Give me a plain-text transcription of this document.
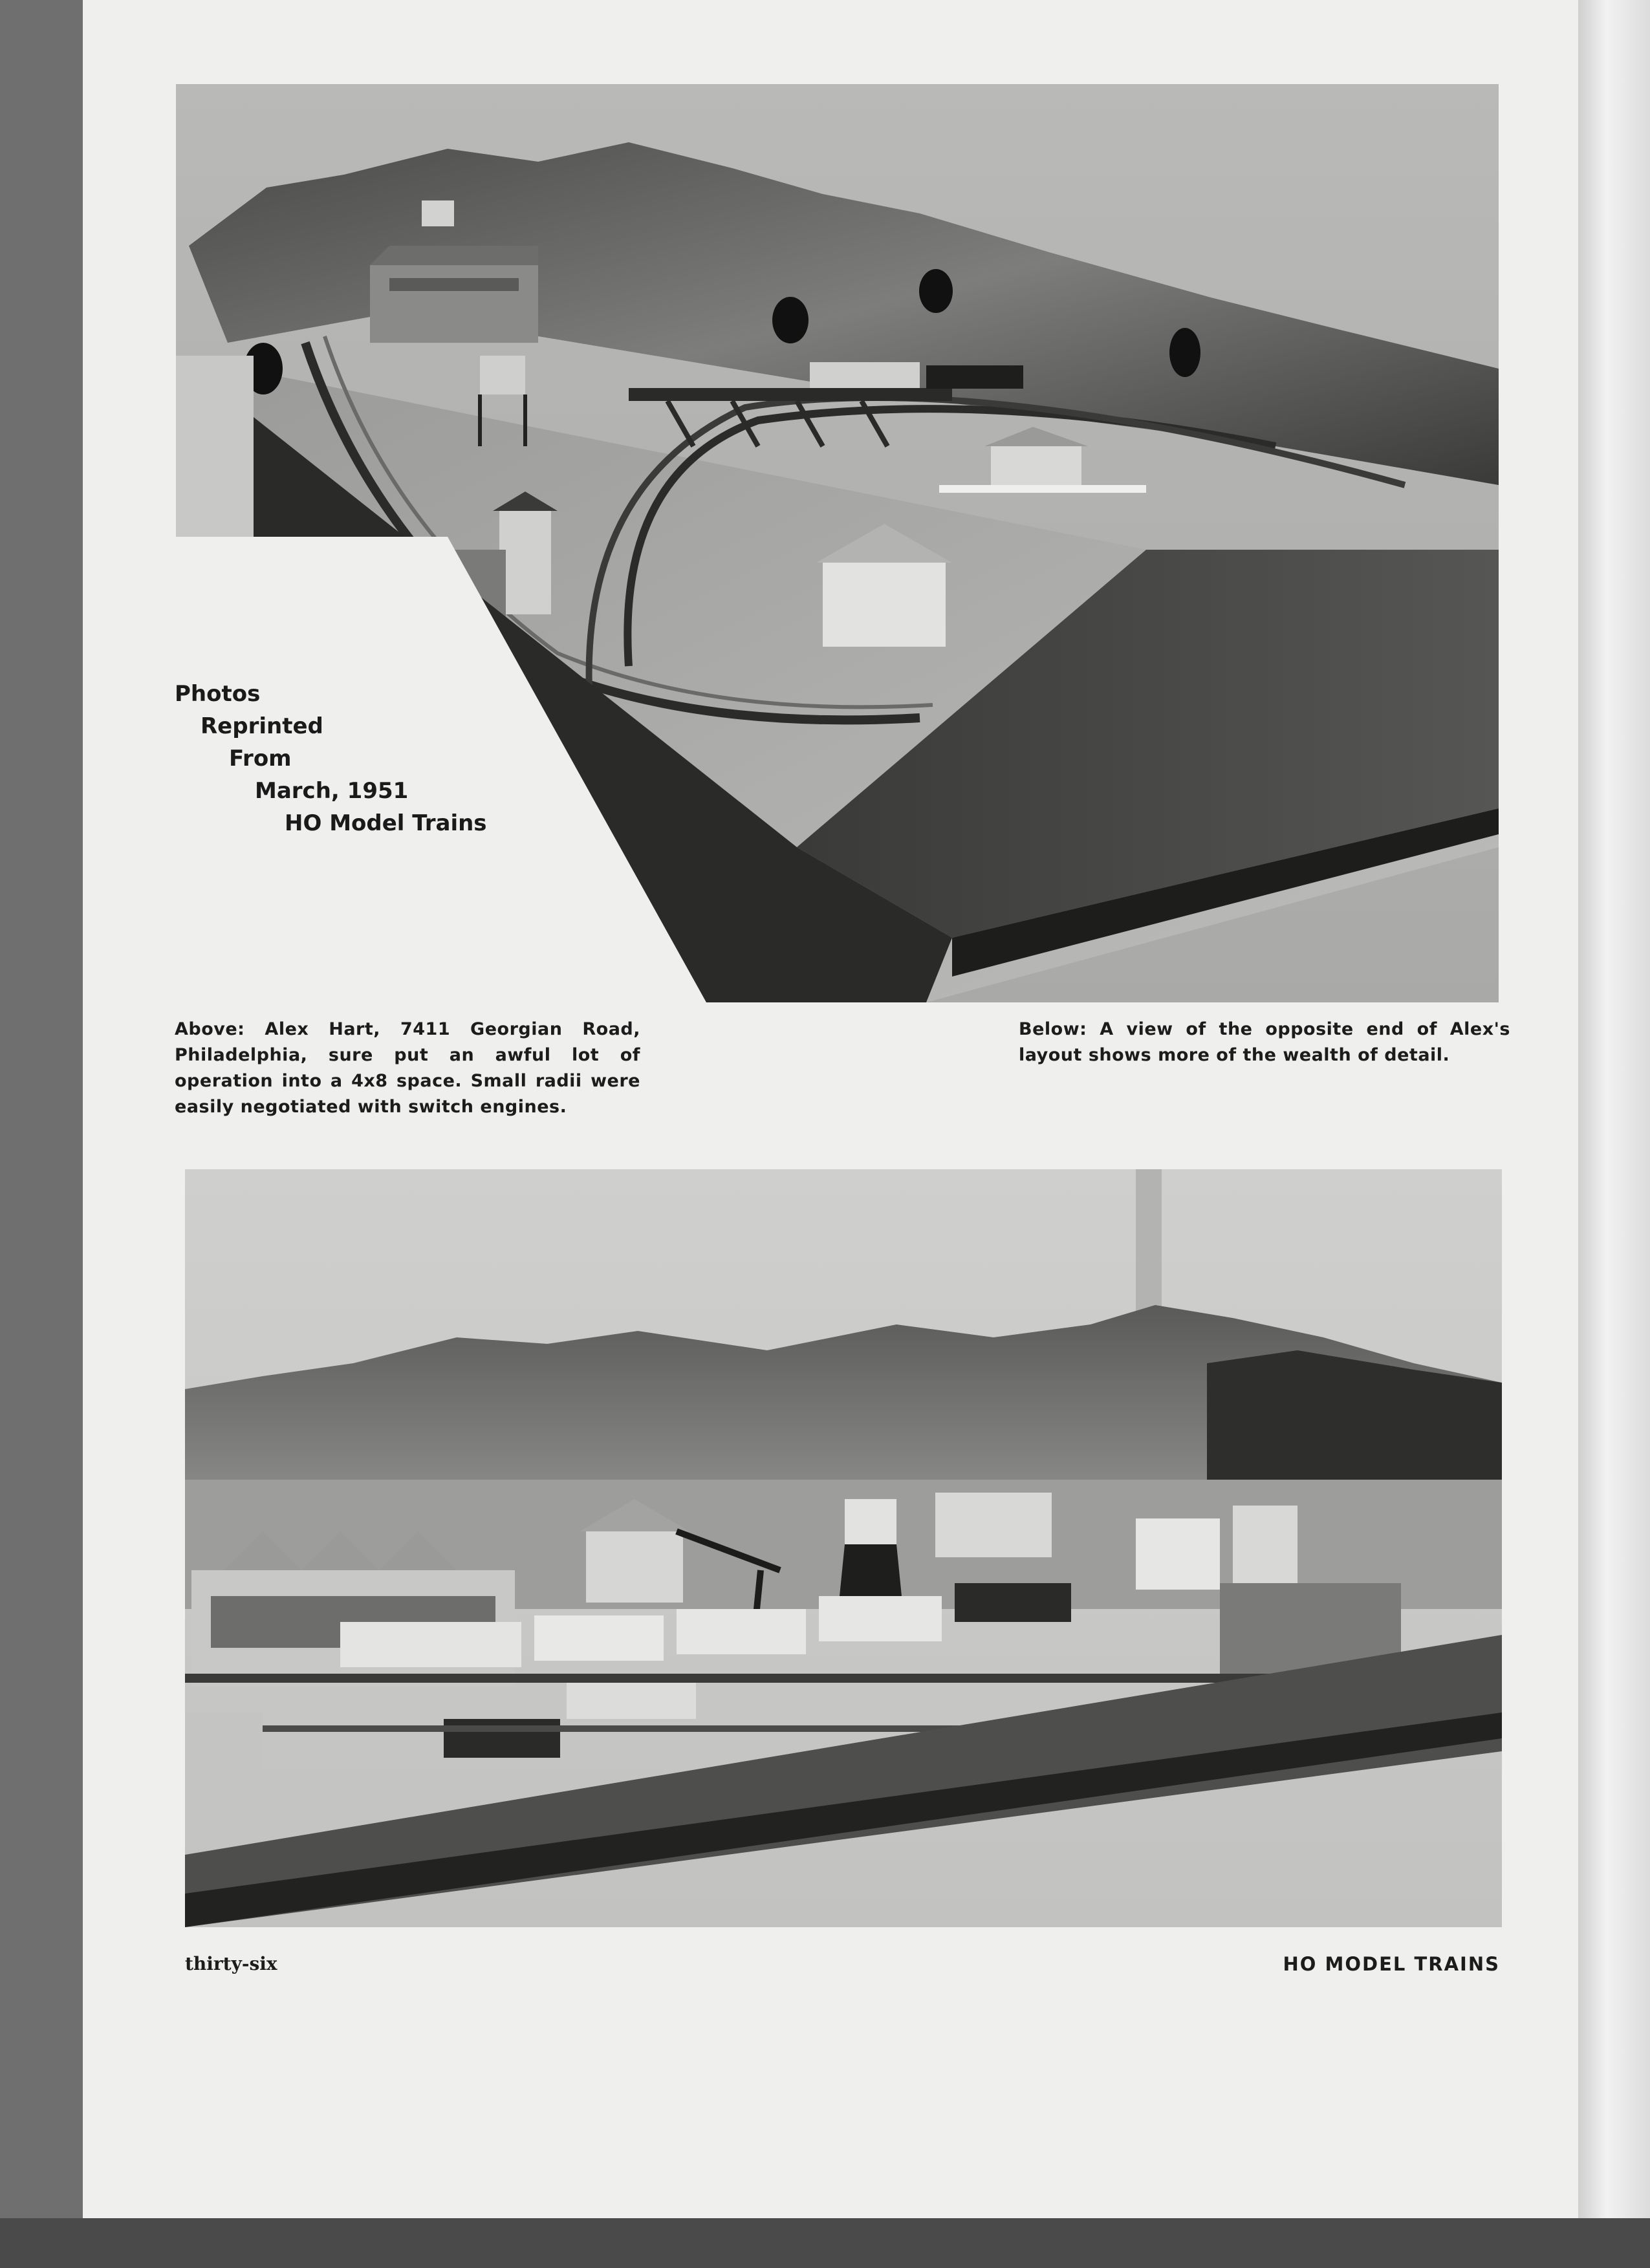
Photos
Reprinted
From
March, 1951
HO Model Trains
Above: Alex Hart, 7411 Georgian Road, Philadelphia, sure put an awful lot of operation into a 4x8 space. Small radii were easily negotiated with switch engines.
Below: A view of the opposite end of Alex's layout shows more of the wealth of detail.
thirty-six	HO MODEL TRAINS
